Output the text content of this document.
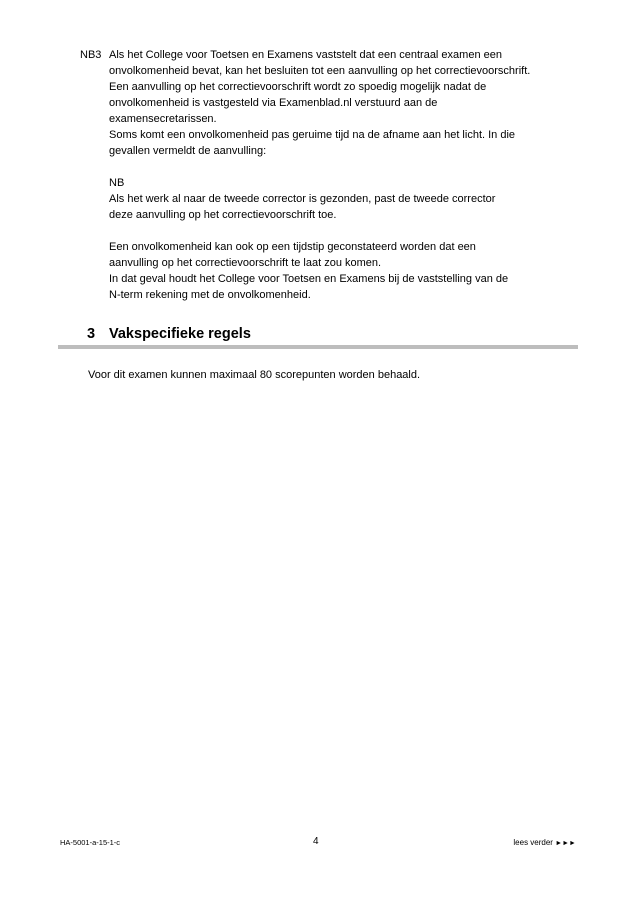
NB3 Als het College voor Toetsen en Examens vaststelt dat een centraal examen een
onvolkomenheid bevat, kan het besluiten tot een aanvulling op het correctievoorschrift.
Een aanvulling op het correctievoorschrift wordt zo spoedig mogelijk nadat de
onvolkomenheid is vastgesteld via Examenblad.nl verstuurd aan de
examensecretarissen.
Soms komt een onvolkomenheid pas geruime tijd na de afname aan het licht. In die
gevallen vermeldt de aanvulling:
NB
Als het werk al naar de tweede corrector is gezonden, past de tweede corrector
deze aanvulling op het correctievoorschrift toe.
Een onvolkomenheid kan ook op een tijdstip geconstateerd worden dat een
aanvulling op het correctievoorschrift te laat zou komen.
In dat geval houdt het College voor Toetsen en Examens bij de vaststelling van de
N-term rekening met de onvolkomenheid.
3 Vakspecifieke regels
Voor dit examen kunnen maximaal 80 scorepunten worden behaald.
HA-5001-a-15-1-c	4	lees verder ►►►
